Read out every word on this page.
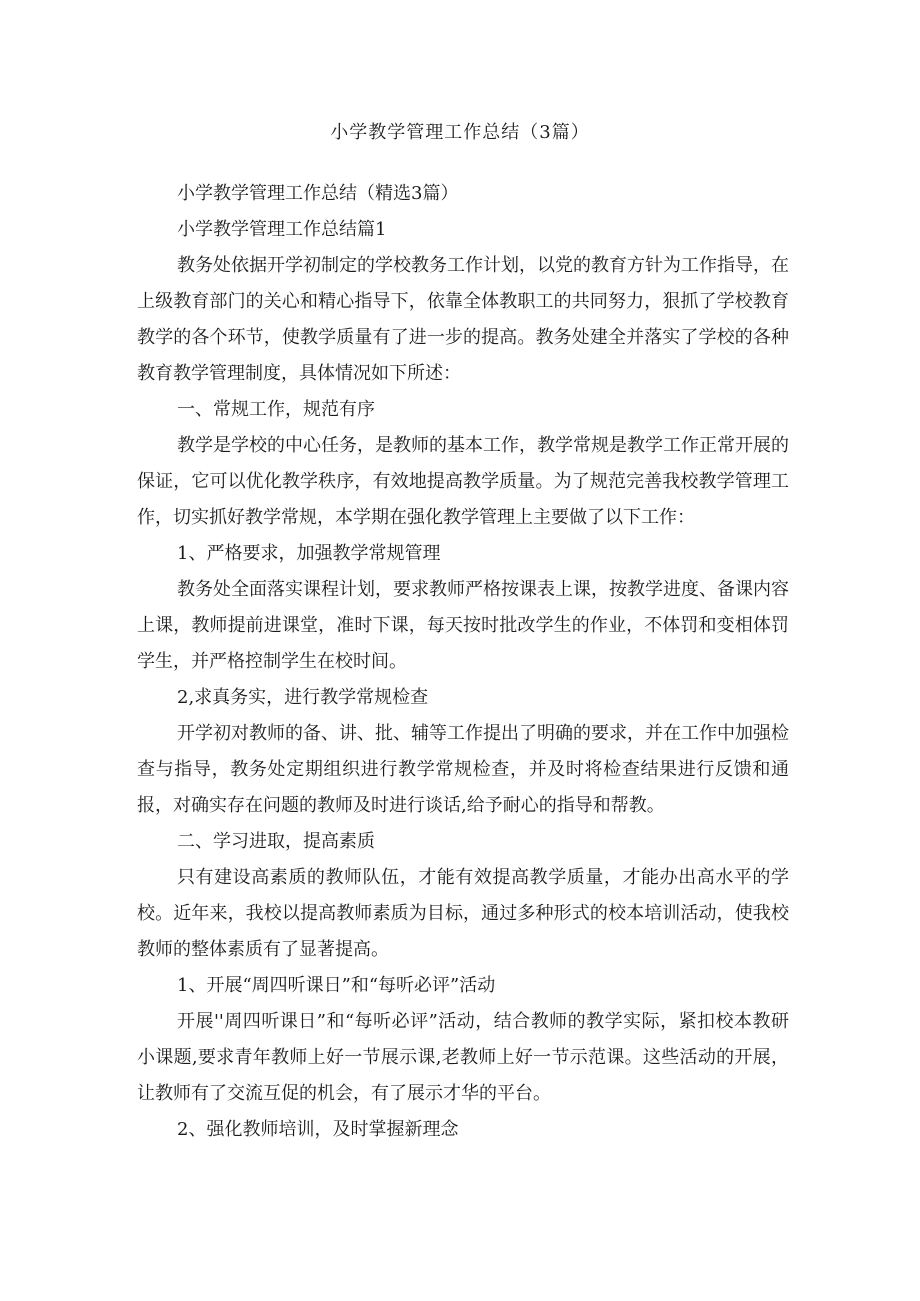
小学教学管理工作总结（3篇）

小学教学管理工作总结（精选3篇）

小学教学管理工作总结篇1

教务处依据开学初制定的学校教务工作计划，以党的教育方针为工作指导，在上级教育部门的关心和精心指导下，依靠全体教职工的共同努力，狠抓了学校教育教学的各个环节，使教学质量有了进一步的提高。教务处建全并落实了学校的各种教育教学管理制度，具体情况如下所述：

一、常规工作，规范有序

教学是学校的中心任务，是教师的基本工作，教学常规是教学工作正常开展的保证，它可以优化教学秩序，有效地提高教学质量。为了规范完善我校教学管理工作，切实抓好教学常规，本学期在强化教学管理上主要做了以下工作：

1、严格要求，加强教学常规管理

教务处全面落实课程计划，要求教师严格按课表上课，按教学进度、备课内容上课，教师提前进课堂，准时下课，每天按时批改学生的作业，不体罚和变相体罚学生，并严格控制学生在校时间。

2,求真务实，进行教学常规检查

开学初对教师的备、讲、批、辅等工作提出了明确的要求，并在工作中加强检查与指导，教务处定期组织进行教学常规检查，并及时将检查结果进行反馈和通报，对确实存在问题的教师及时进行谈话,给予耐心的指导和帮教。

二、学习进取，提高素质

只有建设高素质的教师队伍，才能有效提高教学质量，才能办出高水平的学校。近年来，我校以提高教师素质为目标，通过多种形式的校本培训活动，使我校教师的整体素质有了显著提高。

1、开展“周四听课日”和“每听必评”活动

开展''周四听课日”和“每听必评”活动，结合教师的教学实际，紧扣校本教研小课题,要求青年教师上好一节展示课,老教师上好一节示范课。这些活动的开展，让教师有了交流互促的机会，有了展示才华的平台。

2、强化教师培训，及时掌握新理念
